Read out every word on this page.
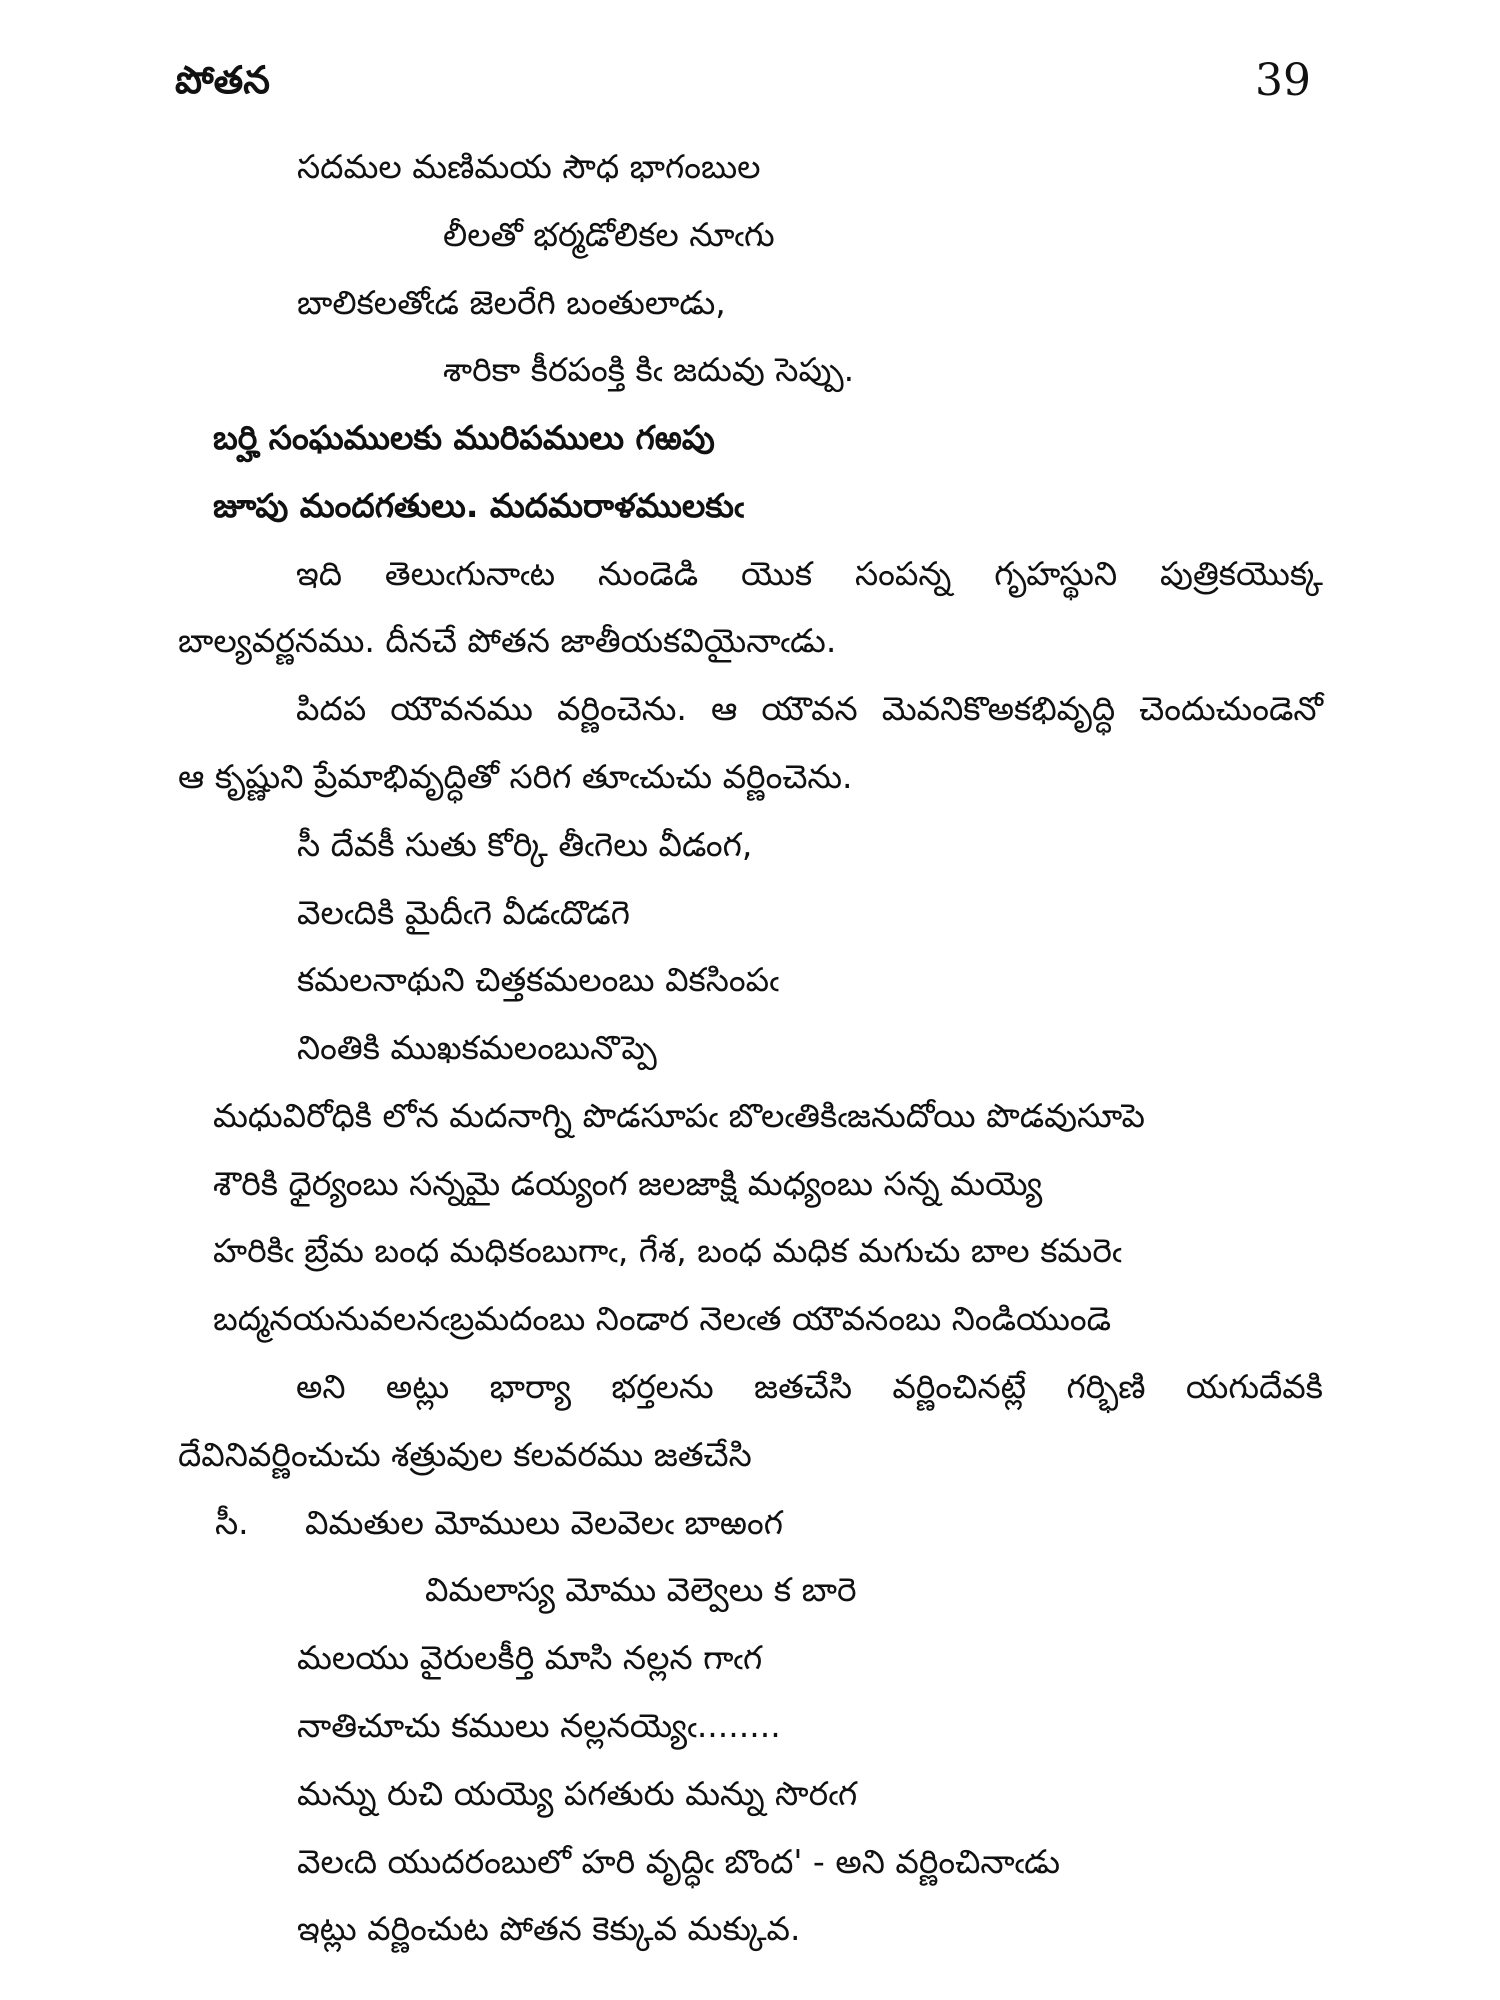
పోతన	39
సదమల మణిమయ సౌధ భాగంబుల
లీలతో భర్మడోలికల నూఁగు
బాలికలతోఁడ జెలరేగి బంతులాడు,
శారికా కీరపంక్తి కిఁ జదువు సెప్పు.
బర్హి సంఘములకు మురిపములు గఱపు
జూపు మందగతులు. మదమరాళములకుఁ
ఇది తెలుఁగునాఁట నుండెడి యొక సంపన్న గృహస్థుని పుత్రికయొక్క
బాల్యవర్ణనము. దీనచే పోతన జాతీయకవియైనాఁడు.
పిదప యౌవనము వర్ణించెను. ఆ యౌవన మెవనికొఅకభివృద్ధి చెందుచుండెనో
ఆ కృష్ణుని ప్రేమాభివృద్ధితో సరిగ తూఁచుచు వర్ణించెను.
సీ దేవకీ సుతు కోర్కి తీఁగెలు వీడంగ,
వెలఁదికి మైదీఁగె వీడఁదొడగె
కమలనాథుని చిత్తకమలంబు వికసింపఁ
నింతికి ముఖకమలంబునొప్పె
మధువిరోధికి లోన మదనాగ్ని పొడసూపఁ బొలఁతికిఁజనుదోయి పొడవుసూపె
శౌరికి ధైర్యంబు సన్నమై డయ్యంగ జలజాక్షి మధ్యంబు సన్న మయ్యె
హరికిఁ బ్రేమ బంధ మధికంబుగాఁ, గేశ, బంధ మధిక మగుచు బాల కమరెఁ
బద్మనయనువలనఁబ్రమదంబు నిండార నెలఁత యౌవనంబు నిండియుండె
అని అట్లు భార్యా భర్తలను జతచేసి వర్ణించినట్లే గర్భిణి యగుదేవకి
దేవినివర్ణించుచు శత్రువుల కలవరము జతచేసి
సీ. విమతుల మోములు వెలవెలఁ బాఱంగ
విమలాస్య మోము వెల్వెలు క బారె
మలయు వైరులకీర్తి మాసి నల్లన గాఁగ
నాతిచూచు కములు నల్లనయ్యెఁ........
మన్ను రుచి యయ్యె పగతురు మన్ను సొరఁగ
వెలఁది యుదరంబులో హరి వృద్ధిఁ బొంద' - అని వర్ణించినాఁడు
ఇట్లు వర్ణించుట పోతన కెక్కువ మక్కువ.
